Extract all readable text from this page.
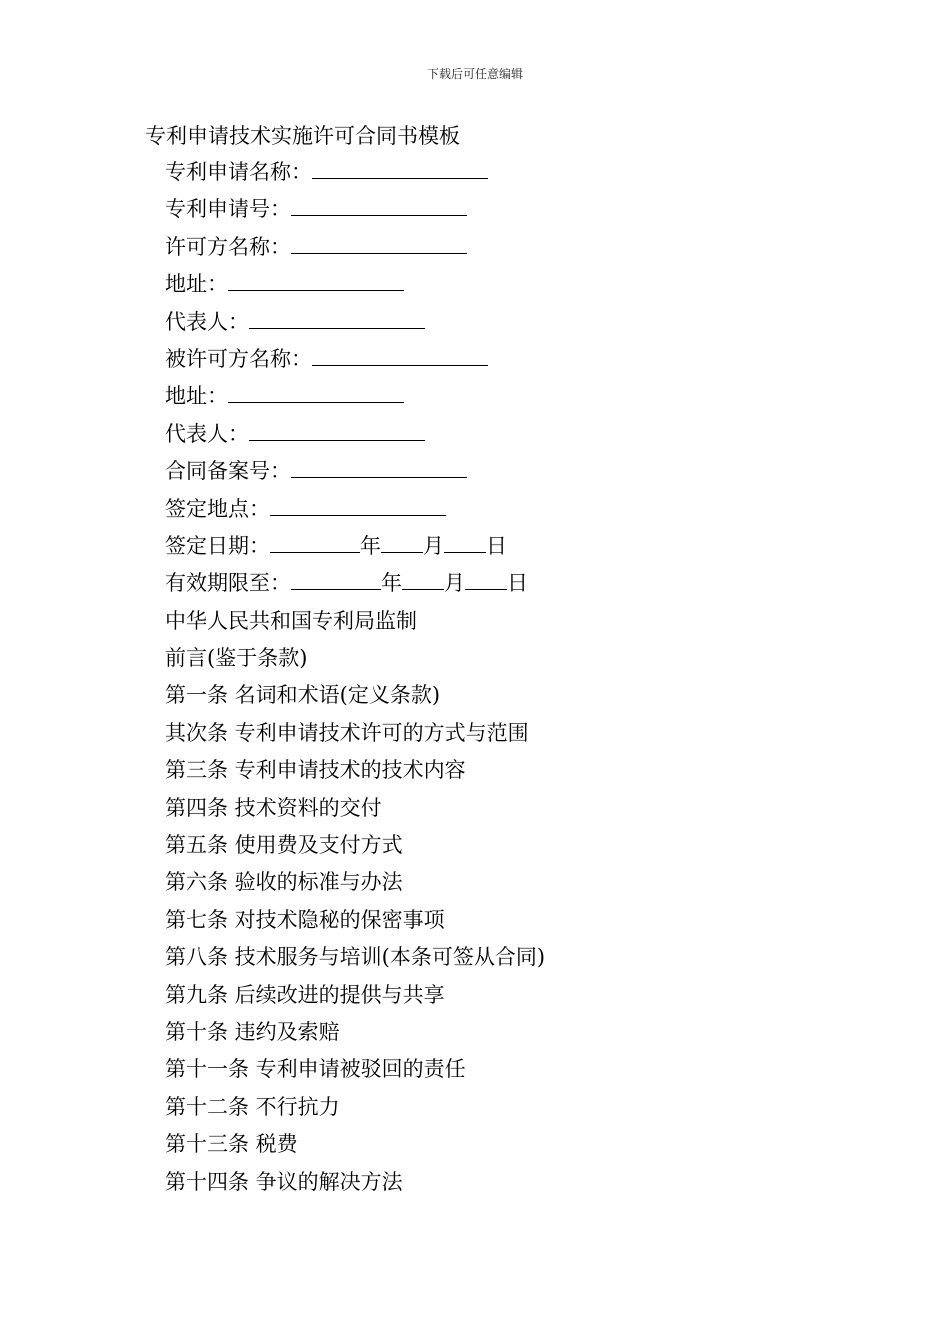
下载后可任意编辑
专利申请技术实施许可合同书模板
专利申请名称：
专利申请号：
许可方名称：
地址：
代表人：
被许可方名称：
地址：
代表人：
合同备案号：
签定地点：
签定日期：	年 月 日
有效期限至：	年 月 日
中华人民共和国专利局监制
前言(鉴于条款)
第一条 名词和术语(定义条款)
其次条 专利申请技术许可的方式与范围
第三条 专利申请技术的技术内容
第四条 技术资料的交付
第五条 使用费及支付方式
第六条 验收的标准与办法
第七条 对技术隐秘的保密事项
第八条 技术服务与培训(本条可签从合同)
第九条 后续改进的提供与共享
第十条 违约及索赔
第十一条 专利申请被驳回的责任
第十二条 不行抗力
第十三条 税费
第十四条 争议的解决方法
